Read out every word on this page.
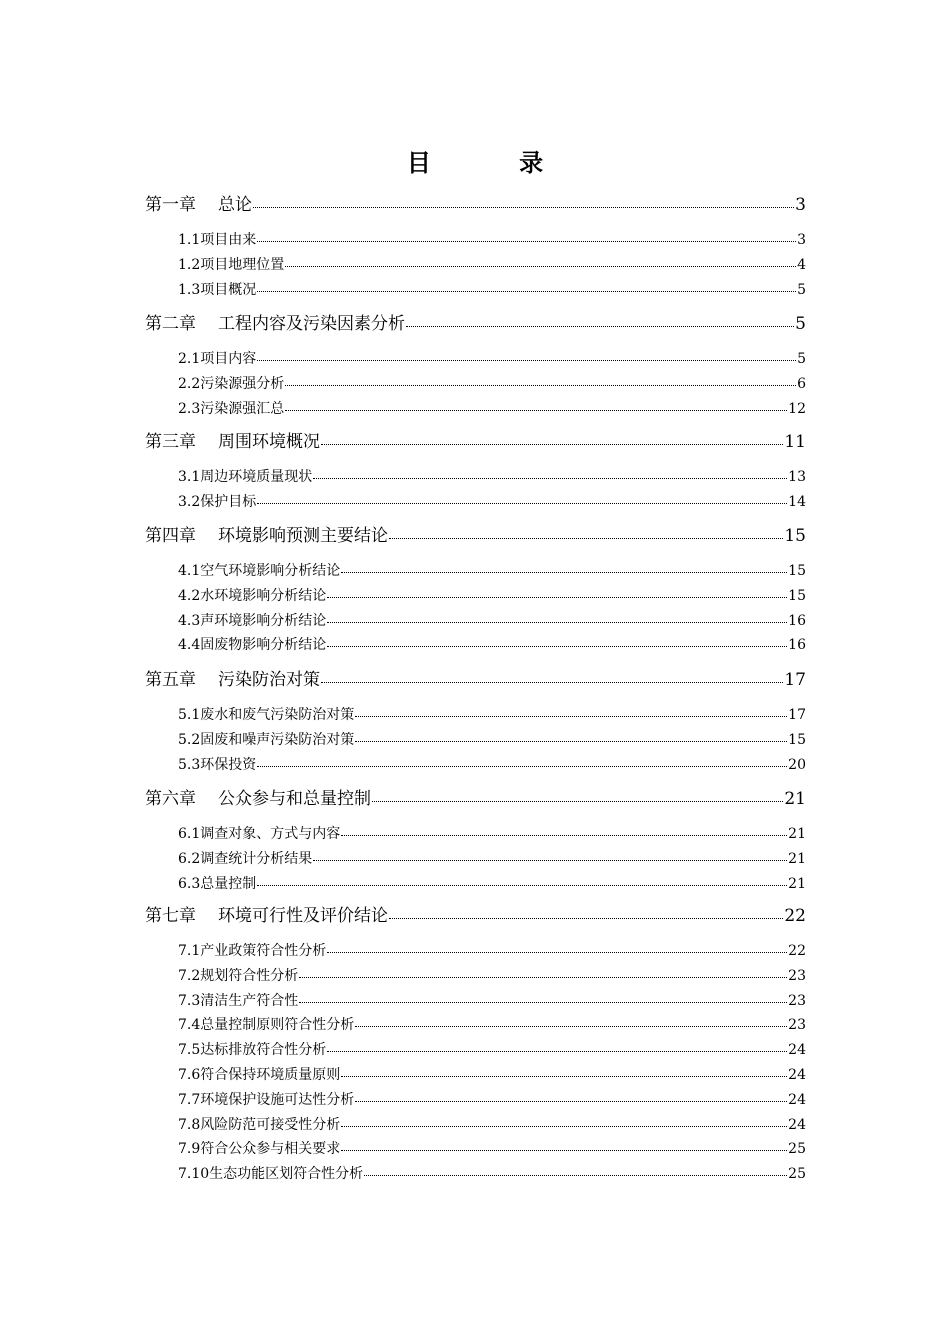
目 录
第一章 总论	3
1.1 项目由来	3
1.2 项目地理位置	4
1.3 项目概况	5
第二章 工程内容及污染因素分析	5
2.1 项目内容	5
2.2 污染源强分析	6
2.3 污染源强汇总	12
第三章 周围环境概况	11
3.1 周边环境质量现状	13
3.2 保护目标	14
第四章 环境影响预测主要结论	15
4.1 空气环境影响分析结论	15
4.2 水环境影响分析结论	15
4.3 声环境影响分析结论	16
4.4 固废物影响分析结论	16
第五章 污染防治对策	17
5.1 废水和废气污染防治对策	17
5.2 固废和噪声污染防治对策	15
5.3 环保投资	20
第六章 公众参与和总量控制	21
6.1 调查对象、方式与内容	21
6.2 调查统计分析结果	21
6.3 总量控制	21
第七章 环境可行性及评价结论	22
7.1 产业政策符合性分析	22
7.2 规划符合性分析	23
7.3 清洁生产符合性	23
7.4 总量控制原则符合性分析	23
7.5 达标排放符合性分析	24
7.6 符合保持环境质量原则	24
7.7 环境保护设施可达性分析	24
7.8 风险防范可接受性分析	24
7.9 符合公众参与相关要求	25
7.10 生态功能区划符合性分析	25
